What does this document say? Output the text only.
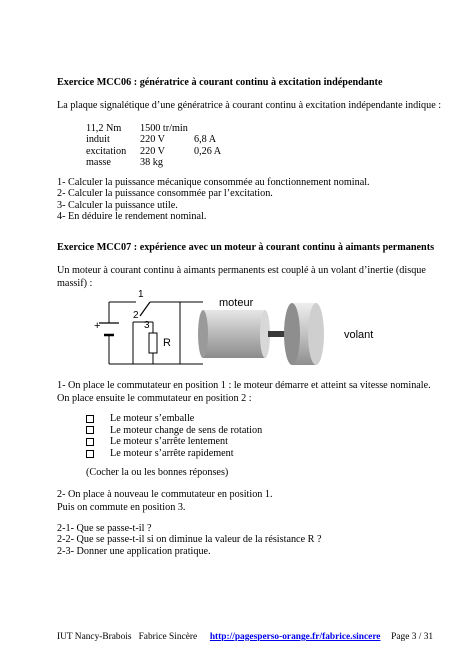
Exercice MCC06 : génératrice à courant continu à excitation indépendante
La plaque signalétique d’une génératrice à courant continu à excitation indépendante indique :
11,2 Nm	1500 tr/min
induit	220 V	6,8 A
excitation	220 V	0,26 A
masse	38 kg
1- Calculer la puissance mécanique consommée au fonctionnement nominal.
2- Calculer la puissance consommée par l’excitation.
3- Calculer la puissance utile.
4- En déduire le rendement nominal.
Exercice MCC07 : expérience avec un moteur à courant continu à aimants permanents
Un moteur à courant continu à aimants permanents est couplé à un volant d’inertie (disque
massif) :
1
2
3
+
R
moteur
volant
1- On place le commutateur en position 1 : le moteur démarre et atteint sa vitesse nominale.
On place ensuite le commutateur en position 2 :
Le moteur s’emballe
Le moteur change de sens de rotation
Le moteur s’arrête lentement
Le moteur s’arrête rapidement
(Cocher la ou les bonnes réponses)
2- On place à nouveau le commutateur en position 1.
Puis on commute en position 3.
2-1- Que se passe-t-il ?
2-2- Que se passe-t-il si on diminue la valeur de la résistance R ?
2-3- Donner une application pratique.
IUT Nancy-Brabois   Fabrice Sincère http://pagesperso-orange.fr/fabrice.sincere Page 3 / 31
